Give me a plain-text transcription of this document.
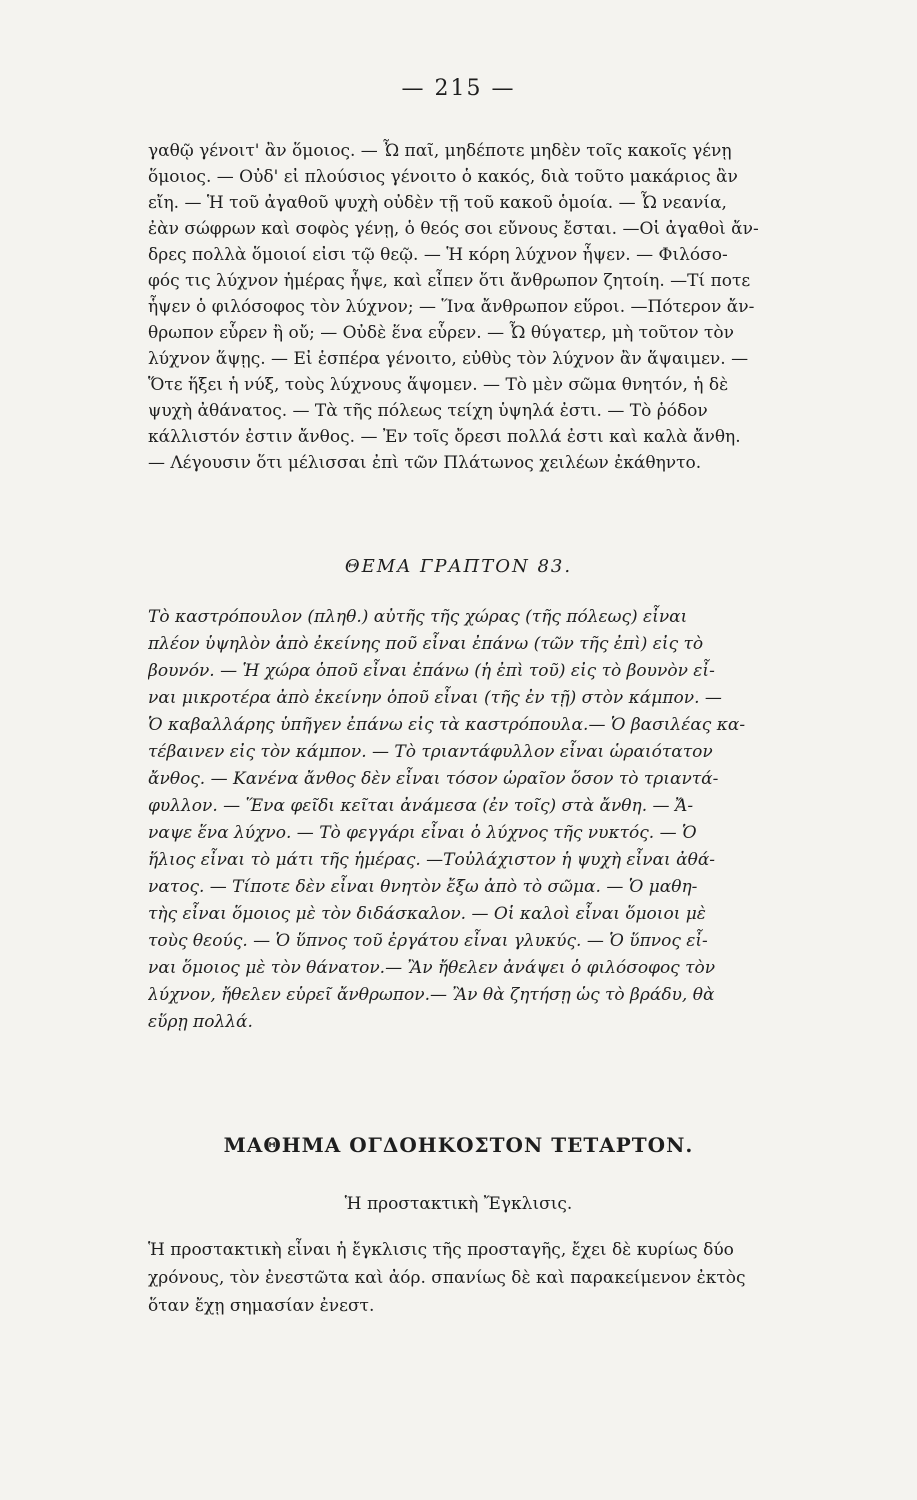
— 215 —
γαθῷ γένοιτ' ἂν ὅμοιος. — Ὦ παῖ, μηδέποτε μηδὲν τοῖς κακοῖς γένῃ
ὅμοιος. — Οὐδ' εἰ πλούσιος γένοιτο ὁ κακός, διὰ τοῦτο μακάριος ἂν
εἴη. — Ἡ τοῦ ἀγαθοῦ ψυχὴ οὐδὲν τῇ τοῦ κακοῦ ὁμοία. — Ὦ νεανία,
ἐὰν σώφρων καὶ σοφὸς γένῃ, ὁ θεός σοι εὔνους ἔσται. —Οἱ ἀγαθοὶ ἄν-
δρες πολλὰ ὅμοιοί εἰσι τῷ θεῷ. — Ἡ κόρη λύχνον ἧψεν. — Φιλόσο-
φός τις λύχνον ἡμέρας ἧψε, καὶ εἶπεν ὅτι ἄνθρωπον ζητοίη. —Τί ποτε
ἧψεν ὁ φιλόσοφος τὸν λύχνον; — Ἵνα ἄνθρωπον εὕροι. —Πότερον ἄν-
θρωπον εὗρεν ἢ οὔ; — Οὐδὲ ἕνα εὗρεν. — Ὦ θύγατερ, μὴ τοῦτον τὸν
λύχνον ἅψῃς. — Εἰ ἑσπέρα γένοιτο, εὐθὺς τὸν λύχνον ἂν ἅψαιμεν. —
Ὅτε ἥξει ἡ νύξ, τοὺς λύχνους ἅψομεν. — Τὸ μὲν σῶμα θνητόν, ἡ δὲ
ψυχὴ ἀθάνατος. — Τὰ τῆς πόλεως τείχη ὑψηλά ἐστι. — Τὸ ῥόδον
κάλλιστόν ἐστιν ἄνθος. — Ἐν τοῖς ὄρεσι πολλά ἐστι καὶ καλὰ ἄνθη.
— Λέγουσιν ὅτι μέλισσαι ἐπὶ τῶν Πλάτωνος χειλέων ἐκάθηντο.
ΘΕΜΑ ΓΡΑΠΤΟΝ 83.
Τὸ καστρόπουλον (πληθ.) αὐτῆς τῆς χώρας (τῆς πόλεως) εἶναι
πλέον ὑψηλὸν ἀπὸ ἐκείνης ποῦ εἶναι ἐπάνω (τῶν τῆς ἐπὶ) εἰς τὸ
βουνόν. — Ἡ χώρα ὁποῦ εἶναι ἐπάνω (ἡ ἐπὶ τοῦ) εἰς τὸ βουνὸν εἶ-
ναι μικροτέρα ἀπὸ ἐκείνην ὁποῦ εἶναι (τῆς ἐν τῇ) στὸν κάμπον. —
Ὁ καβαλλάρης ὑπῆγεν ἐπάνω εἰς τὰ καστρόπουλα.— Ὁ βασιλέας κα-
τέβαινεν εἰς τὸν κάμπον. — Τὸ τριαντάφυλλον εἶναι ὡραιότατον
ἄνθος. — Κανένα ἄνθος δὲν εἶναι τόσον ὡραῖον ὅσον τὸ τριαντά-
φυλλον. — Ἕνα φεῖδι κεῖται ἀνάμεσα (ἐν τοῖς) στὰ ἄνθη. — Ἄ-
ναψε ἕνα λύχνο. — Τὸ φεγγάρι εἶναι ὁ λύχνος τῆς νυκτός. — Ὁ
ἥλιος εἶναι τὸ μάτι τῆς ἡμέρας. —Τοὐλάχιστον ἡ ψυχὴ εἶναι ἀθά-
νατος. — Τίποτε δὲν εἶναι θνητὸν ἔξω ἀπὸ τὸ σῶμα. — Ὁ μαθη-
τὴς εἶναι ὅμοιος μὲ τὸν διδάσκαλον. — Οἱ καλοὶ εἶναι ὅμοιοι μὲ
τοὺς θεούς. — Ὁ ὕπνος τοῦ ἐργάτου εἶναι γλυκύς. — Ὁ ὕπνος εἶ-
ναι ὅμοιος μὲ τὸν θάνατον.— Ἂν ἤθελεν ἀνάψει ὁ φιλόσοφος τὸν
λύχνον, ἤθελεν εὑρεῖ ἄνθρωπον.— Ἂν θὰ ζητήσῃ ὡς τὸ βράδυ, θὰ
εὕρῃ πολλά.
ΜΑΘΗΜΑ ΟΓΔΟΗΚΟΣΤΟΝ ΤΕΤΑΡΤΟΝ.
Ἡ προστακτικὴ Ἔγκλισις.
Ἡ προστακτικὴ εἶναι ἡ ἔγκλισις τῆς προσταγῆς, ἔχει δὲ κυρίως δύο
χρόνους, τὸν ἐνεστῶτα καὶ ἀόρ. σπανίως δὲ καὶ παρακείμενον ἐκτὸς
ὅταν ἔχῃ σημασίαν ἐνεστ.
